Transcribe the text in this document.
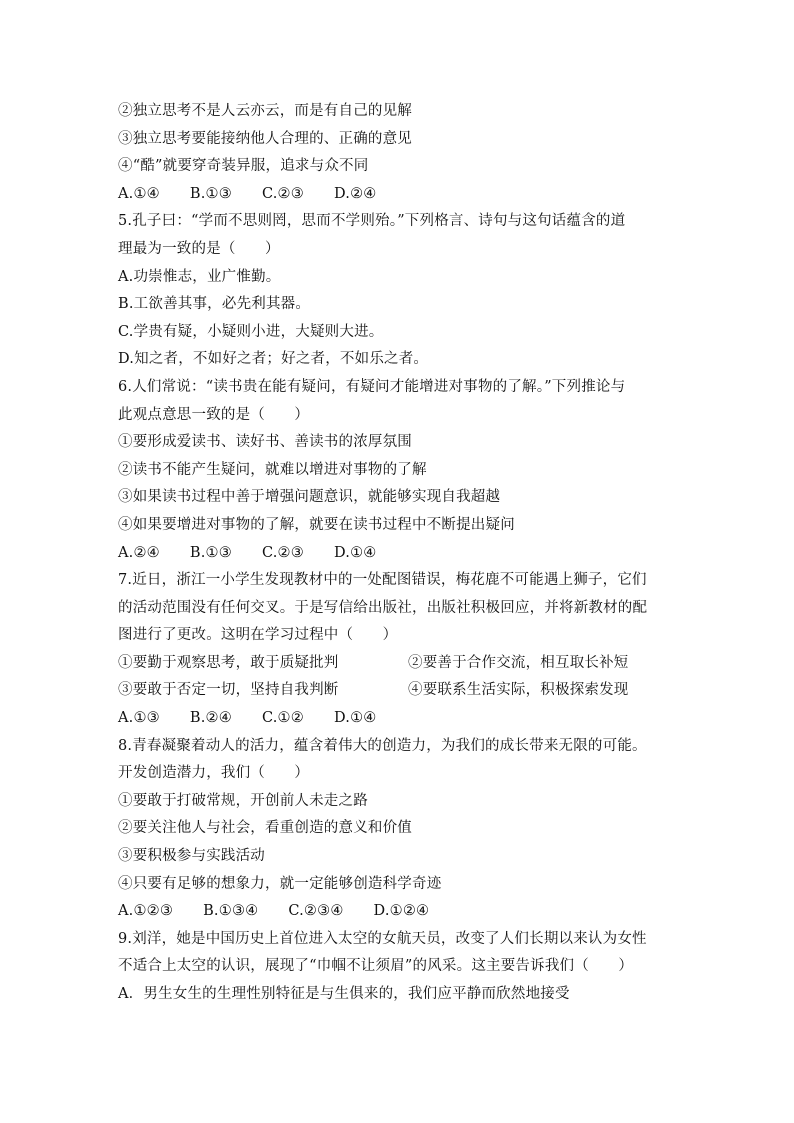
②独立思考不是人云亦云，而是有自己的见解
③独立思考要能接纳他人合理的、正确的意见
④“酷”就要穿奇装异服，追求与众不同
A.①④ B.①③ C.②③ D.②④
5.孔子曰：“学而不思则罔，思而不学则殆。”下列格言、诗句与这句话蕴含的道
理最为一致的是（　　）
A.功崇惟志，业广惟勤。
B.工欲善其事，必先利其器。
C.学贵有疑，小疑则小进，大疑则大进。
D.知之者，不如好之者；好之者，不如乐之者。
6.人们常说：“读书贵在能有疑问，有疑问才能增进对事物的了解。”下列推论与
此观点意思一致的是（　　）
①要形成爱读书、读好书、善读书的浓厚氛围
②读书不能产生疑问，就难以增进对事物的了解
③如果读书过程中善于增强问题意识，就能够实现自我超越
④如果要增进对事物的了解，就要在读书过程中不断提出疑问
A.②④ B.①③ C.②③ D.①④
7.近日，浙江一小学生发现教材中的一处配图错误，梅花鹿不可能遇上狮子，它们
的活动范围没有任何交叉。于是写信给出版社，出版社积极回应，并将新教材的配
图进行了更改。这明在学习过程中（　　）
①要勤于观察思考，敢于质疑批判	②要善于合作交流，相互取长补短
③要敢于否定一切，坚持自我判断	④要联系生活实际，积极探索发现
A.①③ B.②④ C.①② D.①④
8.青春凝聚着动人的活力，蕴含着伟大的创造力，为我们的成长带来无限的可能。
开发创造潜力，我们（　　）
①要敢于打破常规，开创前人未走之路
②要关注他人与社会，看重创造的意义和价值
③要积极参与实践活动
④只要有足够的想象力，就一定能够创造科学奇迹
A.①②③ B.①③④ C.②③④ D.①②④
9.刘洋，她是中国历史上首位进入太空的女航天员，改变了人们长期以来认为女性
不适合上太空的认识，展现了“巾帼不让须眉”的风采。这主要告诉我们（　　）
A．男生女生的生理性别特征是与生俱来的，我们应平静而欣然地接受
